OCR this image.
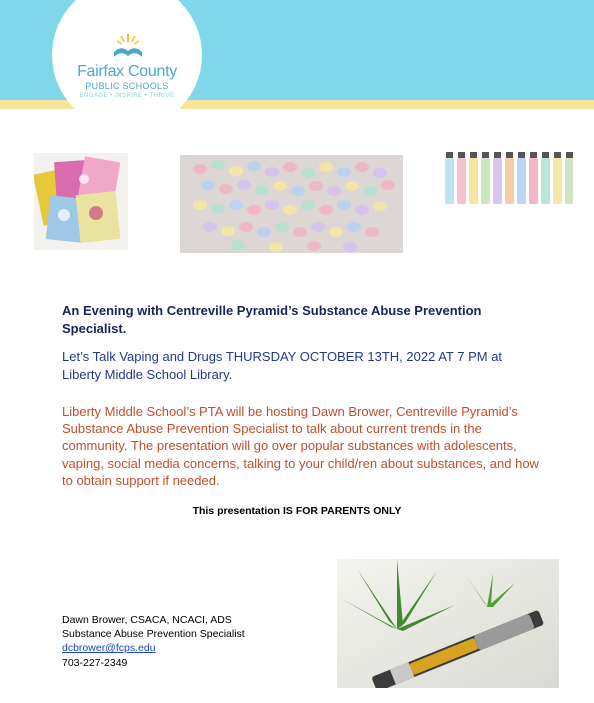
Fairfax County
PUBLIC SCHOOLS
ENGAGE • INSPIRE • THRIVE
An Evening with Centreville Pyramid’s Substance Abuse Prevention Specialist.

Let’s Talk Vaping and Drugs THURSDAY OCTOBER 13TH, 2022 AT 7 PM at Liberty Middle School Library.

Liberty Middle School’s PTA will be hosting Dawn Brower, Centreville Pyramid’s Substance Abuse Prevention Specialist to talk about current trends in the community. The presentation will go over popular substances with adolescents, vaping, social media concerns, talking to your child/ren about substances, and how to obtain support if needed.

This presentation IS FOR PARENTS ONLY

Dawn Brower, CSACA, NCACI, ADS
Substance Abuse Prevention Specialist
dcbrower@fcps.edu
703-227-2349
